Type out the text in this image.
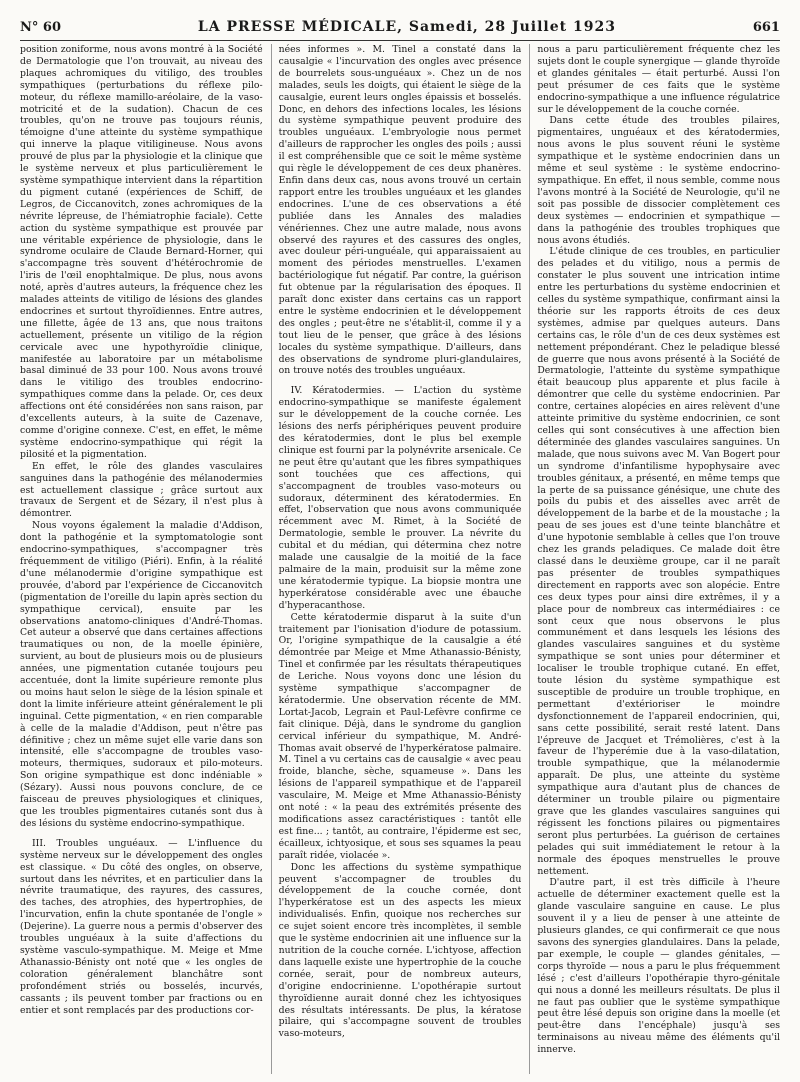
N° 60	LA PRESSE MÉDICALE, Samedi, 28 Juillet 1923	661

position zoniforme, nous avons montré à la Société de Dermatologie que l'on trouvait, au niveau des plaques achromiques du vitiligo, des troubles sympathiques (perturbations du réflexe pilo-moteur, du réflexe mamillo-aréolaire, de la vaso-motricité et de la sudation). Chacun de ces troubles, qu'on ne trouve pas toujours réunis, témoigne d'une atteinte du système sympathique qui innerve la plaque vitiligineuse. Nous avons prouvé de plus par la physiologie et la clinique que le système nerveux et plus particulièrement le système sympathique intervient dans la répartition du pigment cutané (expériences de Schiff, de Legros, de Ciccanovitch, zones achromiques de la névrite lépreuse, de l'hémiatrophie faciale). Cette action du système sympathique est prouvée par une véritable expérience de physiologie, dans le syndrome oculaire de Claude Bernard-Horner, qui s'accompagne très souvent d'hétérochromie de l'iris de l'œil enophtalmique. De plus, nous avons noté, après d'autres auteurs, la fréquence chez les malades atteints de vitiligo de lésions des glandes endocrines et surtout thyroïdiennes. Entre autres, une fillette, âgée de 13 ans, que nous traitons actuellement, présente un vitiligo de la région cervicale avec une hypothyroïdie clinique, manifestée au laboratoire par un métabolisme basal diminué de 33 pour 100. Nous avons trouvé dans le vitiligo des troubles endocrino-sympathiques comme dans la pelade. Or, ces deux affections ont été considérées non sans raison, par d'excellents auteurs, à la suite de Cazenave, comme d'origine connexe. C'est, en effet, le même système endocrino-sympathique qui régit la pilosité et la pigmentation.

En effet, le rôle des glandes vasculaires sanguines dans la pathogénie des mélanodermies est actuellement classique ; grâce surtout aux travaux de Sergent et de Sézary, il n'est plus à démontrer.

Nous voyons également la maladie d'Addison, dont la pathogénie et la symptomatologie sont endocrino-sympathiques, s'accompagner très fréquemment de vitiligo (Piéri). Enfin, à la réalité d'une mélanodermie d'origine sympathique est prouvée, d'abord par l'expérience de Ciccanovitch (pigmentation de l'oreille du lapin après section du sympathique cervical), ensuite par les observations anatomo-cliniques d'André-Thomas. Cet auteur a observé que dans certaines affections traumatiques ou non, de la moelle épinière, survient, au bout de plusieurs mois ou de plusieurs années, une pigmentation cutanée toujours peu accentuée, dont la limite supérieure remonte plus ou moins haut selon le siège de la lésion spinale et dont la limite inférieure atteint généralement le pli inguinal. Cette pigmentation, « en rien comparable à celle de la maladie d'Addison, peut n'être pas définitive ; chez un même sujet elle varie dans son intensité, elle s'accompagne de troubles vaso-moteurs, thermiques, sudoraux et pilo-moteurs. Son origine sympathique est donc indéniable » (Sézary). Aussi nous pouvons conclure, de ce faisceau de preuves physiologiques et cliniques, que les troubles pigmentaires cutanés sont dus à des lésions du système endocrino-sympathique.

III. Troubles unguéaux. — L'influence du système nerveux sur le développement des ongles est classique. « Du côté des ongles, on observe, surtout dans les névrites, et en particulier dans la névrite traumatique, des rayures, des cassures, des taches, des atrophies, des hypertrophies, de l'incurvation, enfin la chute spontanée de l'ongle » (Dejerine). La guerre nous a permis d'observer des troubles unguéaux à la suite d'affections du système vasculo-sympathique. M. Meige et Mme Athanassio-Bénisty ont noté que « les ongles de coloration généralement blanchâtre sont profondément striés ou bosselés, incurvés, cassants ; ils peuvent tomber par fractions ou en entier et sont remplacés par des productions cor-

nées informes ». M. Tinel a constaté dans la causalgie « l'incurvation des ongles avec présence de bourrelets sous-unguéaux ». Chez un de nos malades, seuls les doigts, qui étaient le siège de la causalgie, eurent leurs ongles épaissis et bosselés. Donc, en dehors des infections locales, les lésions du système sympathique peuvent produire des troubles unguéaux. L'embryologie nous permet d'ailleurs de rapprocher les ongles des poils ; aussi il est compréhensible que ce soit le même système qui règle le développement de ces deux phanères. Enfin dans deux cas, nous avons trouvé un certain rapport entre les troubles unguéaux et les glandes endocrines. L'une de ces observations a été publiée dans les Annales des maladies vénériennes. Chez une autre malade, nous avons observé des rayures et des cassures des ongles, avec douleur péri-unguéale, qui apparaissaient au moment des périodes menstruelles. L'examen bactériologique fut négatif. Par contre, la guérison fut obtenue par la régularisation des époques. Il paraît donc exister dans certains cas un rapport entre le système endocrinien et le développement des ongles ; peut-être ne s'établit-il, comme il y a tout lieu de le penser, que grâce à des lésions locales du système sympathique. D'ailleurs, dans des observations de syndrome pluri-glandulaires, on trouve notés des troubles unguéaux.

IV. Kératodermies. — L'action du système endocrino-sympathique se manifeste également sur le développement de la couche cornée. Les lésions des nerfs périphériques peuvent produire des kératodermies, dont le plus bel exemple clinique est fourni par la polynévrite arsenicale. Ce ne peut être qu'autant que les fibres sympathiques sont touchées que ces affections, qui s'accompagnent de troubles vaso-moteurs ou sudoraux, déterminent des kératodermies. En effet, l'observation que nous avons communiquée récemment avec M. Rimet, à la Société de Dermatologie, semble le prouver. La névrite du cubital et du médian, qui détermina chez notre malade une causalgie de la moitié de la face palmaire de la main, produisit sur la même zone une kératodermie typique. La biopsie montra une hyperkératose considérable avec une ébauche d'hyperacanthose.

Cette kératodermie disparut à la suite d'un traitement par l'ionisation d'iodure de potassium. Or, l'origine sympathique de la causalgie a été démontrée par Meige et Mme Athanassio-Bénisty, Tinel et confirmée par les résultats thérapeutiques de Leriche. Nous voyons donc une lésion du système sympathique s'accompagner de kératodermie. Une observation récente de MM. Lortat-Jacob, Legrain et Paul-Lefèvre confirme ce fait clinique. Déjà, dans le syndrome du ganglion cervical inférieur du sympathique, M. André-Thomas avait observé de l'hyperkératose palmaire. M. Tinel a vu certains cas de causalgie « avec peau froide, blanche, sèche, squameuse ». Dans les lésions de l'appareil sympathique et de l'appareil vasculaire, M. Meige et Mme Athanassio-Bénisty ont noté : « la peau des extrémités présente des modifications assez caractéristiques : tantôt elle est fine... ; tantôt, au contraire, l'épiderme est sec, écailleux, ichtyosique, et sous ses squames la peau paraît ridée, violacée ».

Donc les affections du système sympathique peuvent s'accompagner de troubles du développement de la couche cornée, dont l'hyperkératose est un des aspects les mieux individualisés. Enfin, quoique nos recherches sur ce sujet soient encore très incomplètes, il semble que le système endocrinien ait une influence sur la nutrition de la couche cornée. L'ichtyose, affection dans laquelle existe une hypertrophie de la couche cornée, serait, pour de nombreux auteurs, d'origine endocrinienne. L'opothérapie surtout thyroïdienne aurait donné chez les ichtyosiques des résultats intéressants. De plus, la kératose pilaire, qui s'accompagne souvent de troubles vaso-moteurs,

nous a paru particulièrement fréquente chez les sujets dont le couple synergique — glande thyroïde et glandes génitales — était perturbé. Aussi l'on peut présumer de ces faits que le système endocrino-sympathique a une influence régulatrice sur le développement de la couche cornée.

Dans cette étude des troubles pilaires, pigmentaires, unguéaux et des kératodermies, nous avons le plus souvent réuni le système sympathique et le système endocrinien dans un même et seul système : le système endocrino-sympathique. En effet, il nous semble, comme nous l'avons montré à la Société de Neurologie, qu'il ne soit pas possible de dissocier complètement ces deux systèmes — endocrinien et sympathique — dans la pathogénie des troubles trophiques que nous avons étudiés.

L'étude clinique de ces troubles, en particulier des pelades et du vitiligo, nous a permis de constater le plus souvent une intrication intime entre les perturbations du système endocrinien et celles du système sympathique, confirmant ainsi la théorie sur les rapports étroits de ces deux systèmes, admise par quelques auteurs. Dans certains cas, le rôle d'un de ces deux systèmes est nettement prépondérant. Chez le peladique blessé de guerre que nous avons présenté à la Société de Dermatologie, l'atteinte du système sympathique était beaucoup plus apparente et plus facile à démontrer que celle du système endocrinien. Par contre, certaines alopécies en aires relèvent d'une atteinte primitive du système endocrinien, ce sont celles qui sont consécutives à une affection bien déterminée des glandes vasculaires sanguines. Un malade, que nous suivons avec M. Van Bogert pour un syndrome d'infantilisme hypophysaire avec troubles génitaux, a présenté, en même temps que la perte de sa puissance génésique, une chute des poils du pubis et des aisselles avec arrêt de développement de la barbe et de la moustache ; la peau de ses joues est d'une teinte blanchâtre et d'une hypotonie semblable à celles que l'on trouve chez les grands peladiques. Ce malade doit être classé dans le deuxième groupe, car il ne paraît pas présenter de troubles sympathiques directement en rapports avec son alopécie. Entre ces deux types pour ainsi dire extrêmes, il y a place pour de nombreux cas intermédiaires : ce sont ceux que nous observons le plus communément et dans lesquels les lésions des glandes vasculaires sanguines et du système sympathique se sont unies pour déterminer et localiser le trouble trophique cutané. En effet, toute lésion du système sympathique est susceptible de produire un trouble trophique, en permettant d'extérioriser le moindre dysfonctionnement de l'appareil endocrinien, qui, sans cette possibilité, serait resté latent. Dans l'épreuve de Jacquet et Trémolières, c'est à la faveur de l'hyperémie due à la vaso-dilatation, trouble sympathique, que la mélanodermie apparaît. De plus, une atteinte du système sympathique aura d'autant plus de chances de déterminer un trouble pilaire ou pigmentaire grave que les glandes vasculaires sanguines qui régissent les fonctions pilaires ou pigmentaires seront plus perturbées. La guérison de certaines pelades qui suit immédiatement le retour à la normale des époques menstruelles le prouve nettement.

D'autre part, il est très difficile à l'heure actuelle de déterminer exactement quelle est la glande vasculaire sanguine en cause. Le plus souvent il y a lieu de penser à une atteinte de plusieurs glandes, ce qui confirmerait ce que nous savons des synergies glandulaires. Dans la pelade, par exemple, le couple — glandes génitales, — corps thyroïde — nous a paru le plus fréquemment lésé ; c'est d'ailleurs l'opothérapie thyro-génitale qui nous a donné les meilleurs résultats. De plus il ne faut pas oublier que le système sympathique peut être lésé depuis son origine dans la moelle (et peut-être dans l'encéphale) jusqu'à ses terminaisons au niveau même des éléments qu'il innerve.
